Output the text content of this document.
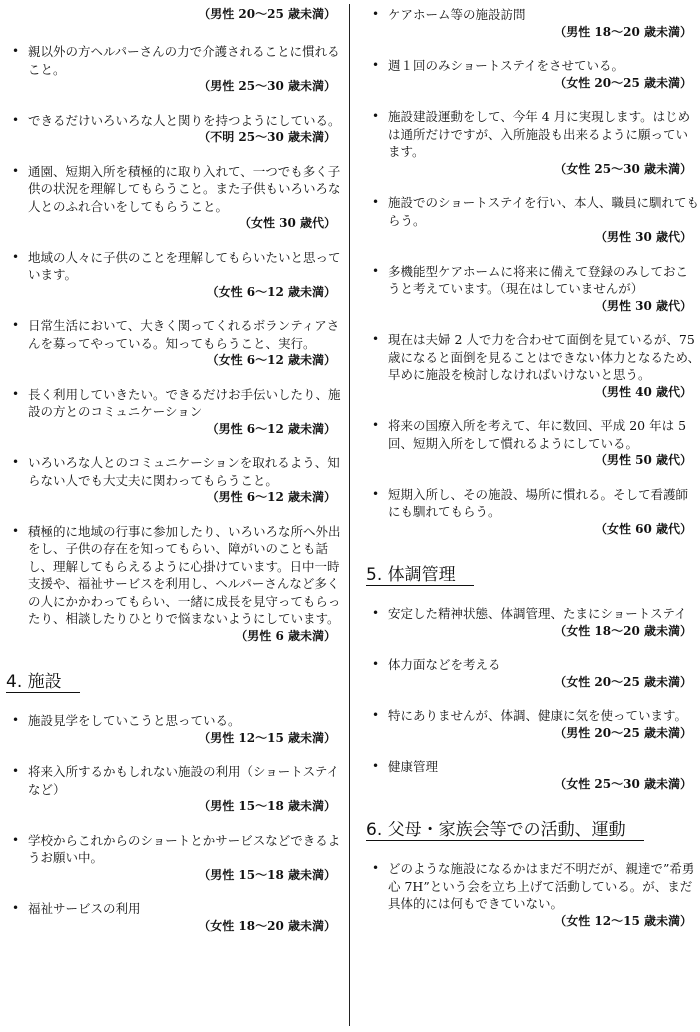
（男性 20〜25 歳未満）
• 親以外の方ヘルパーさんの力で介護されることに慣れること。
（男性 25〜30 歳未満）
• できるだけいろいろな人と関りを持つようにしている。
（不明 25〜30 歳未満）
• 通園、短期入所を積極的に取り入れて、一つでも多く子供の状況を理解してもらうこと。また子供もいろいろな人とのふれ合いをしてもらうこと。
（女性 30 歳代）
• 地域の人々に子供のことを理解してもらいたいと思っています。
（女性 6〜12 歳未満）
• 日常生活において、大きく関ってくれるボランティアさんを募ってやっている。知ってもらうこと、実行。
（女性 6〜12 歳未満）
• 長く利用していきたい。できるだけお手伝いしたり、施設の方とのコミュニケーション
（男性 6〜12 歳未満）
• いろいろな人とのコミュニケーションを取れるよう、知らない人でも大丈夫に関わってもらうこと。
（男性 6〜12 歳未満）
• 積極的に地域の行事に参加したり、いろいろな所へ外出をし、子供の存在を知ってもらい、障がいのことも話し、理解してもらえるように心掛けています。日中一時支援や、福祉サービスを利用し、ヘルパーさんなど多くの人にかかわってもらい、一緒に成長を見守ってもらったり、相談したりひとりで悩まないようにしています。
（男性 6 歳未満）
4. 施設
• 施設見学をしていこうと思っている。
（男性 12〜15 歳未満）
• 将来入所するかもしれない施設の利用（ショートステイなど）
（男性 15〜18 歳未満）
• 学校からこれからのショートとかサービスなどできるようお願い中。
（男性 15〜18 歳未満）
• 福祉サービスの利用
（女性 18〜20 歳未満）
• ケアホーム等の施設訪問
（男性 18〜20 歳未満）
• 週１回のみショートステイをさせている。
（女性 20〜25 歳未満）
• 施設建設運動をして、今年 4 月に実現します。はじめは通所だけですが、入所施設も出来るように願っています。
（女性 25〜30 歳未満）
• 施設でのショートステイを行い、本人、職員に馴れてもらう。
（男性 30 歳代）
• 多機能型ケアホームに将来に備えて登録のみしておこうと考えています。（現在はしていませんが）
（男性 30 歳代）
• 現在は夫婦 2 人で力を合わせて面倒を見ているが、75 歳になると面倒を見ることはできない体力となるため、早めに施設を検討しなければいけないと思う。
（男性 40 歳代）
• 将来の国療入所を考えて、年に数回、平成 20 年は 5 回、短期入所をして慣れるようにしている。
（男性 50 歳代）
• 短期入所し、その施設、場所に慣れる。そして看護師にも馴れてもらう。
（女性 60 歳代）
5. 体調管理
• 安定した精神状態、体調管理、たまにショートステイ
（女性 18〜20 歳未満）
• 体力面などを考える
（女性 20〜25 歳未満）
• 特にありませんが、体調、健康に気を使っています。
（男性 20〜25 歳未満）
• 健康管理
（女性 25〜30 歳未満）
6. 父母・家族会等での活動、運動
• どのような施設になるかはまだ不明だが、親達で”希勇心 7H”という会を立ち上げて活動している。が、まだ具体的には何もできていない。
（女性 12〜15 歳未満）
